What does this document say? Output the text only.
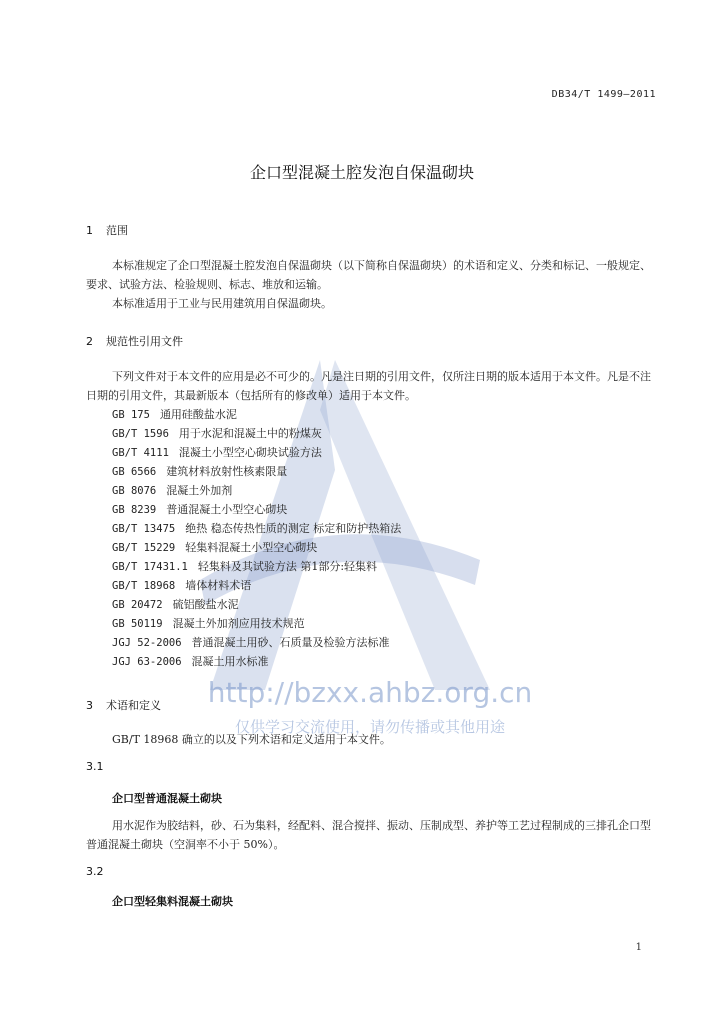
DB34/T 1499—2011
企口型混凝土腔发泡自保温砌块
1 范围
本标准规定了企口型混凝土腔发泡自保温砌块（以下简称自保温砌块）的术语和定义、分类和标记、一般规定、要求、试验方法、检验规则、标志、堆放和运输。
本标准适用于工业与民用建筑用自保温砌块。
2 规范性引用文件
下列文件对于本文件的应用是必不可少的。凡是注日期的引用文件，仅所注日期的版本适用于本文件。凡是不注日期的引用文件，其最新版本（包括所有的修改单）适用于本文件。
GB 175 通用硅酸盐水泥
GB/T 1596 用于水泥和混凝土中的粉煤灰
GB/T 4111 混凝土小型空心砌块试验方法
GB 6566 建筑材料放射性核素限量
GB 8076 混凝土外加剂
GB 8239 普通混凝土小型空心砌块
GB/T 13475 绝热 稳态传热性质的测定 标定和防护热箱法
GB/T 15229 轻集料混凝土小型空心砌块
GB/T 17431.1 轻集料及其试验方法 第1部分:轻集料
GB/T 18968 墙体材料术语
GB 20472 硫铝酸盐水泥
GB 50119 混凝土外加剂应用技术规范
JGJ 52-2006 普通混凝土用砂、石质量及检验方法标准
JGJ 63-2006 混凝土用水标准
3 术语和定义
GB/T 18968 确立的以及下列术语和定义适用于本文件。
3.1
企口型普通混凝土砌块
用水泥作为胶结料，砂、石为集料，经配料、混合搅拌、振动、压制成型、养护等工艺过程制成的三排孔企口型普通混凝土砌块（空洞率不小于 50%）。
3.2
企口型轻集料混凝土砌块
http://bzxx.ahbz.org.cn
仅供学习交流使用，请勿传播或其他用途
1
